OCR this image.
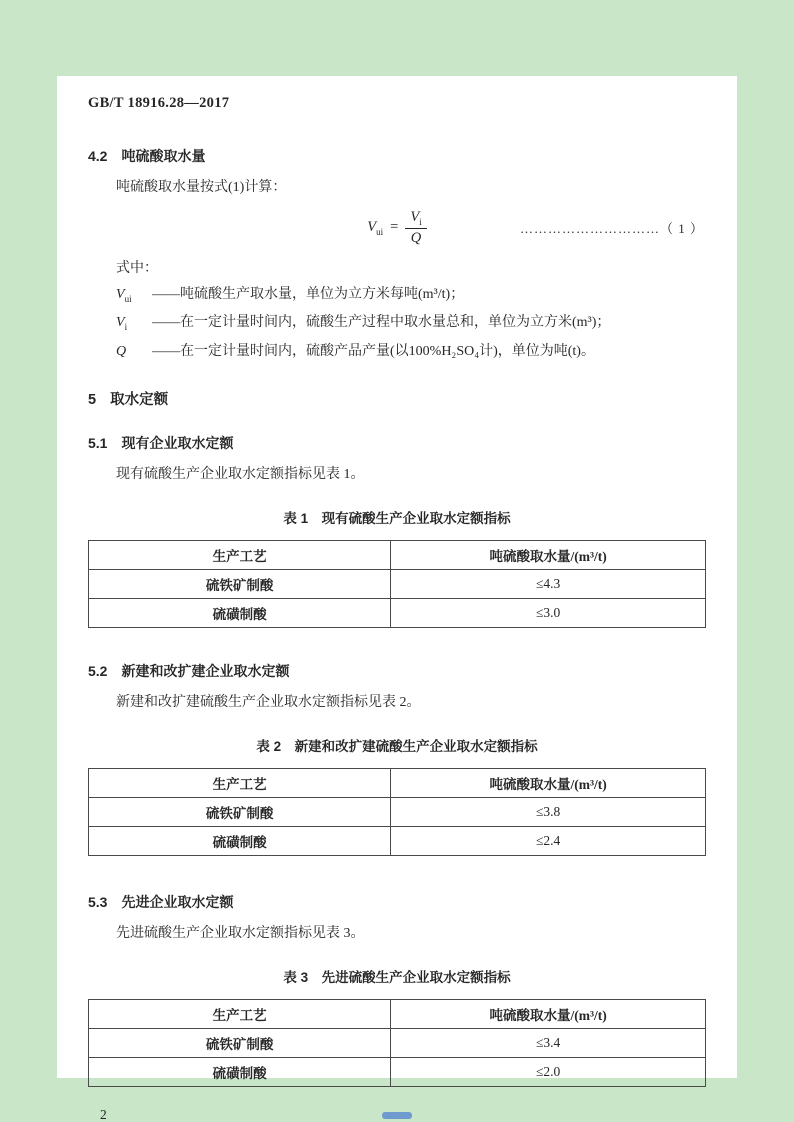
GB/T 18916.28—2017
4.2 吨硫酸取水量
吨硫酸取水量按式(1)计算：
$V_{ui} = \frac{V_i}{Q}$	…………………………（ 1 ）
式中：
$V_{ui}$	——吨硫酸生产取水量，单位为立方米每吨(m³/t)；
$V_i$	——在一定计量时间内，硫酸生产过程中取水量总和，单位为立方米(m³)；
Q	——在一定计量时间内，硫酸产品产量(以100%H₂SO₄计)，单位为吨(t)。
5 取水定额
5.1 现有企业取水定额
现有硫酸生产企业取水定额指标见表 1。
表 1　现有硫酸生产企业取水定额指标
生产工艺	吨硫酸取水量/(m³/t)
硫铁矿制酸	≤4.3
硫磺制酸	≤3.0
5.2 新建和改扩建企业取水定额
新建和改扩建硫酸生产企业取水定额指标见表 2。
表 2　新建和改扩建硫酸生产企业取水定额指标
生产工艺	吨硫酸取水量/(m³/t)
硫铁矿制酸	≤3.8
硫磺制酸	≤2.4
5.3 先进企业取水定额
先进硫酸生产企业取水定额指标见表 3。
表 3　先进硫酸生产企业取水定额指标
生产工艺	吨硫酸取水量/(m³/t)
硫铁矿制酸	≤3.4
硫磺制酸	≤2.0
2
